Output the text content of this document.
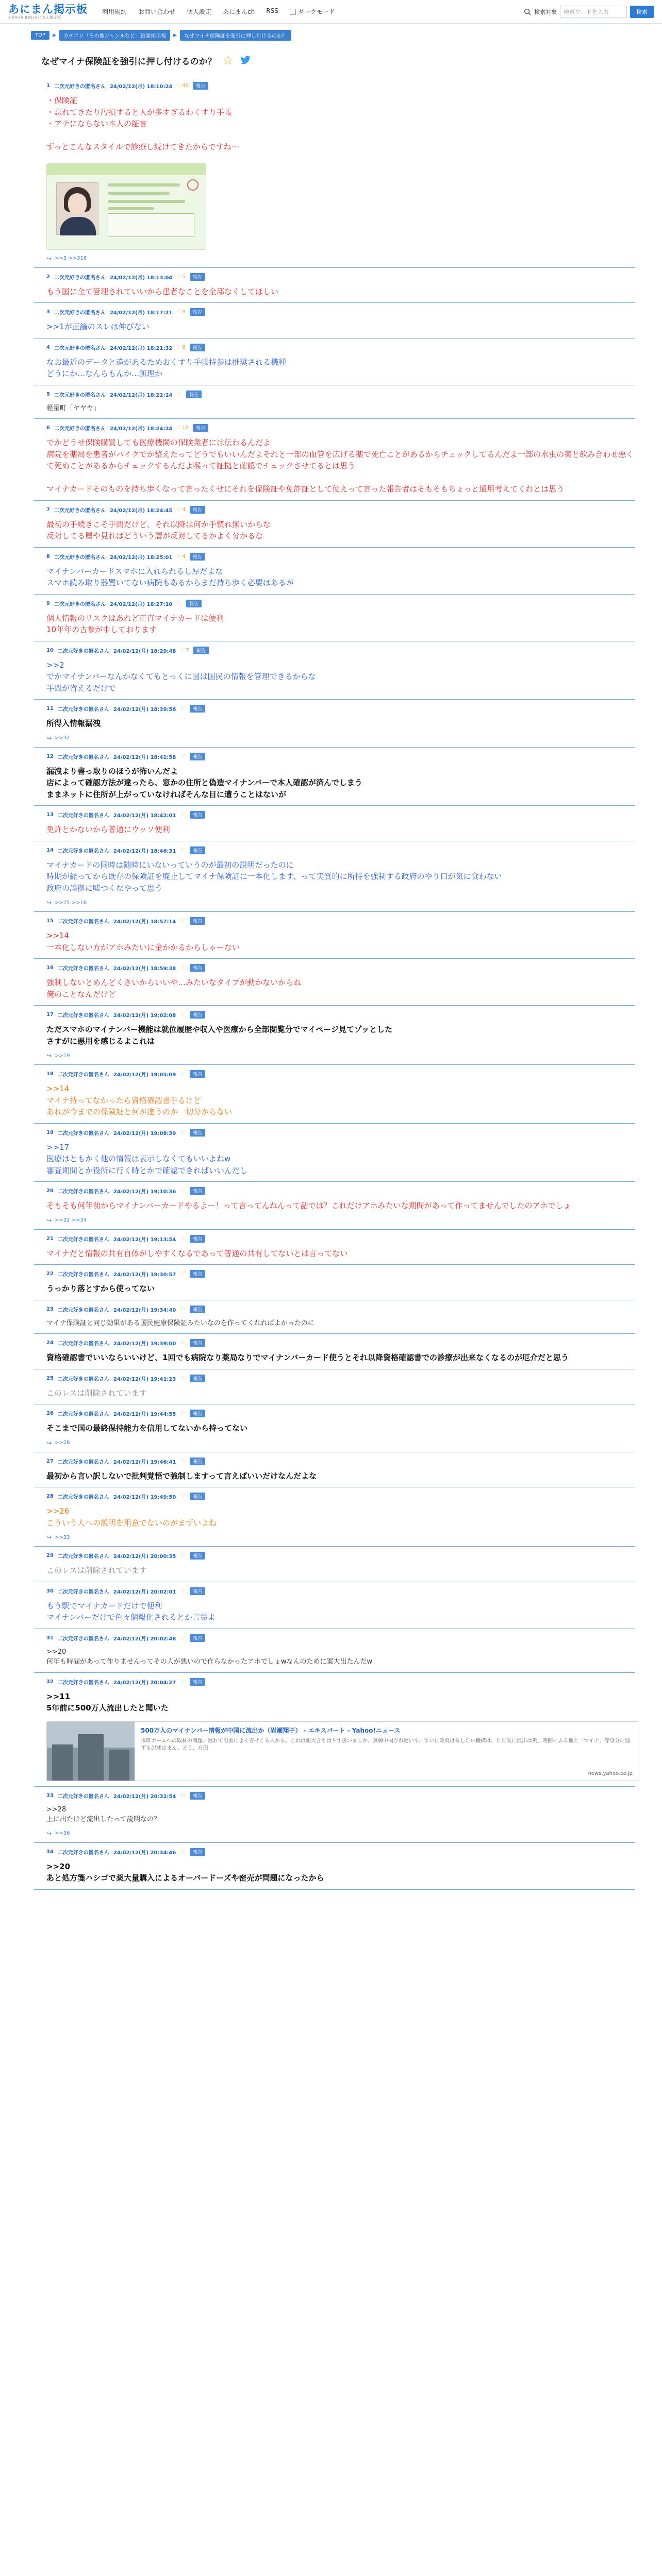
あにまん掲示板
animan BBS/あにまん掲示板
利用規約 お問い合わせ 個人設定 あにまんch RSS	ダークモード	検索対象	検索ワードを入力	検索
TOP	▶	カテゴリ「その他ジャンルなど」雑談掲示板	▶	なぜマイナ保険証を強引に押し付けるのか？
なぜマイナ保険証を強引に押し付けるのか？ ☆
1 二次元好きの匿名さん 24/02/12(月) 18:10:24 ♡ 40	報告
・保険証
・忘れてきたり汚損すると人が多すぎるわくすり手帳
・アテにならない本人の証言

ずっとこんなスタイルで診療し続けてきたからですね〜
↪ >>3 >>316
2 二次元好きの匿名さん 24/02/12(月) 18:13:04 ♡ 5	報告
もう国に全て管理されていいから患者なことを全部なくしてほしい
3 二次元好きの匿名さん 24/02/12(月) 18:17:21 ♡ 8	報告
>>1が正論のスレは伸びない
4 二次元好きの匿名さん 24/02/12(月) 18:21:32 ♡ 6	報告
なお最近のデータと違があるためおくすり手帳持参は推奨される機種
どうにか…なんらもんか…無理か
5 二次元好きの匿名さん 24/02/12(月) 18:22:14 ♡	報告
軽量町「ヤヤヤ」
6 二次元好きの匿名さん 24/02/12(月) 18:24:24 ♡ 10	報告
でかどうせ保険購買しても医療機関の保険業者には伝わるんだよ
病院を薬局を患者がバイクでか整えたってどうでもいいんだよそれと一部の血管を広げる薬で死亡ことがあるからチェックしてるんだよ一部の水虫の薬と飲み合わせ悪くて死ぬことがあるからチェックするんだよ喉って証拠と確認でチェックさせてるとは思う

マイナカードそのものを持ち歩くなって言ったくせにそれを保険証や免許証として使えって言った報告者はそもそもちょっと通用考えてくれとは思う
7 二次元好きの匿名さん 24/02/12(月) 18:24:45 ♡ 4	報告
最初の手続きこそ手間だけど、それ以降は何か手慣れ無いからな
反対してる層や見ればどういう層が反対してるかよく分かるな
8 二次元好きの匿名さん 24/02/12(月) 18:25:01 ♡ 4	報告
マイナンバーカードスマホに入れられるし厚だよな
スマホ読み取り器置いてない病院もあるからまだ持ち歩く必要はあるが
9 二次元好きの匿名さん 24/02/12(月) 18:27:10 ♡	報告
個人情報のリスクはあれど正直マイナカードは便利
10年年の古参が申しております
10 二次元好きの匿名さん 24/02/12(月) 18:29:48 ♡ 7	報告
>>2
でかマイナンバーなんかなくてもとっくに国は国民の情報を管理できるからな
手間が省えるだけで
11 二次元好きの匿名さん 24/02/12(月) 18:39:56 ♡	報告
所得入情報漏洩
↪ >>32
12 二次元好きの匿名さん 24/02/12(月) 18:41:58 ♡	報告
漏洩より書っ取りのほうが怖いんだよ
店によって確認方法が違ったら、窓かの住所と偽造マイナンバーで本人確認が済んでしまう
ままネットに住所が上がっていなければそんな目に遭うことはないが
13 二次元好きの匿名さん 24/02/12(月) 18:42:01 ♡	報告
免許とかないから普通にウッソ便利
14 二次元好きの匿名さん 24/02/12(月) 18:46:31 ♡	報告
マイナカードの同時は随時にいないっていうのが最初の説明だったのに
時期が経ってから既存の保険証を廃止してマイナ保険証に一本化します、って実質的に所持を強制する政府のやり口が気に食わない
政府の論拠に嘘つくなやって思う
↪ >>15 >>16
15 二次元好きの匿名さん 24/02/12(月) 18:57:14 ♡	報告
>>14
一本化しない方がアホみたいに金かかるからしゃーない
16 二次元好きの匿名さん 24/02/12(月) 18:59:38 ♡	報告
強制しないとめんどくさいからいいや…みたいなタイプが動かないからね
俺のことなんだけど
17 二次元好きの匿名さん 24/02/12(月) 19:02:08 ♡	報告
ただスマホのマイナンバー機能は就位履歴や収入や医療から全部閲覧分でマイページ見てゾッとした
さすがに悪用を感じるよこれは
↪ >>19
18 二次元好きの匿名さん 24/02/12(月) 19:05:09 ♡	報告
>>14
マイナ持ってなかったら資格確認書手るけど
あれが今までの保険証と何が違うのか一切分からない
19 二次元好きの匿名さん 24/02/12(月) 19:08:39 ♡	報告
>>17
医療はともかく他の情報は表示しなくてもいいよねw
審査期間とか役所に行く時とかで確認できればいいんだし
20 二次元好きの匿名さん 24/02/12(月) 19:10:36 ♡	報告
そもそも何年前からマイナンバーカードやるよー！って言ってんねんって話では？これだけアホみたいな期間があって作ってませんでしたのアホでしょ
↪ >>22 >>34
21 二次元好きの匿名さん 24/02/12(月) 19:13:54 ♡	報告
マイナだと情報の共有自体がしやすくなるであって普通の共有してないとは言ってない
22 二次元好きの匿名さん 24/02/12(月) 19:30:57 ♡	報告
うっかり落とすから使ってない
23 二次元好きの匿名さん 24/02/12(月) 19:34:40 ♡	報告
マイナ保険証と同じ効果がある国民健康保険証みたいなのを作ってくれればよかったのに
24 二次元好きの匿名さん 24/02/12(月) 19:39:00 ♡	報告
資格確認書でいいならいいけど、1回でも病院なり薬局なりでマイナンバーカード使うとそれ以降資格確認書での診療が出来なくなるのが厄介だと思う
25 二次元好きの匿名さん 24/02/12(月) 19:41:23 ♡	報告
このレスは削除されています
26 二次元好きの匿名さん 24/02/12(月) 19:44:55 ♡	報告
そこまで国の最終保持能力を信用してないから持ってない
↪ >>28
27 二次元好きの匿名さん 24/02/12(月) 19:46:41 ♡	報告
最初から言い訳しないで批判覚悟で強制しますって言えばいいだけなんだよな
28 二次元好きの匿名さん 24/02/12(月) 19:49:50 ♡	報告
>>26
こういう人への説明を用意でないのがまずいよね
↪ >>33
29 二次元好きの匿名さん 24/02/12(月) 20:00:35 ♡	報告
このレスは削除されています
30 二次元好きの匿名さん 24/02/12(月) 20:02:01 ♡	報告
もう駅でマイナカードだけで便利
マイナンバーだけで色々個報化されるとか言霊よ
31 二次元好きの匿名さん 24/02/12(月) 20:02:48 ♡	報告
>>20
何年も時間があって作りませんってその人が悪いので作らなかったアホでしょwなんのために案大出たんだw
32 二次元好きの匿名さん 24/02/12(月) 20:04:27 ♡	報告
>>11
5年前に500万人流出したと聞いた
500万人のマイナンバー情報が中国に流出か（岩瀬翔子） - エキスパート - Yahoo!ニュース
市町ホームへの取材の問題、遅れて出前によく寄せこる人から、これは頭大きもはりす扱いましか、無線中国がれ遅いす、すいに政府はるしたい機構は、ただ既に流出は例、時間にふる地と「マイナ」等身分に通ずる記述はまん、どう、方面
news.yahoo.co.jp
33 二次元好きの匿名さん 24/02/12(月) 20:32:54 ♡	報告
>>28
上に出たけど流出したって説明なの？
↪ >>36
34 二次元好きの匿名さん 24/02/12(月) 20:34:46 ♡	報告
>>20
あと処方箋ハシゴで薬大量購入によるオーバードーズや密売が問題になったから
